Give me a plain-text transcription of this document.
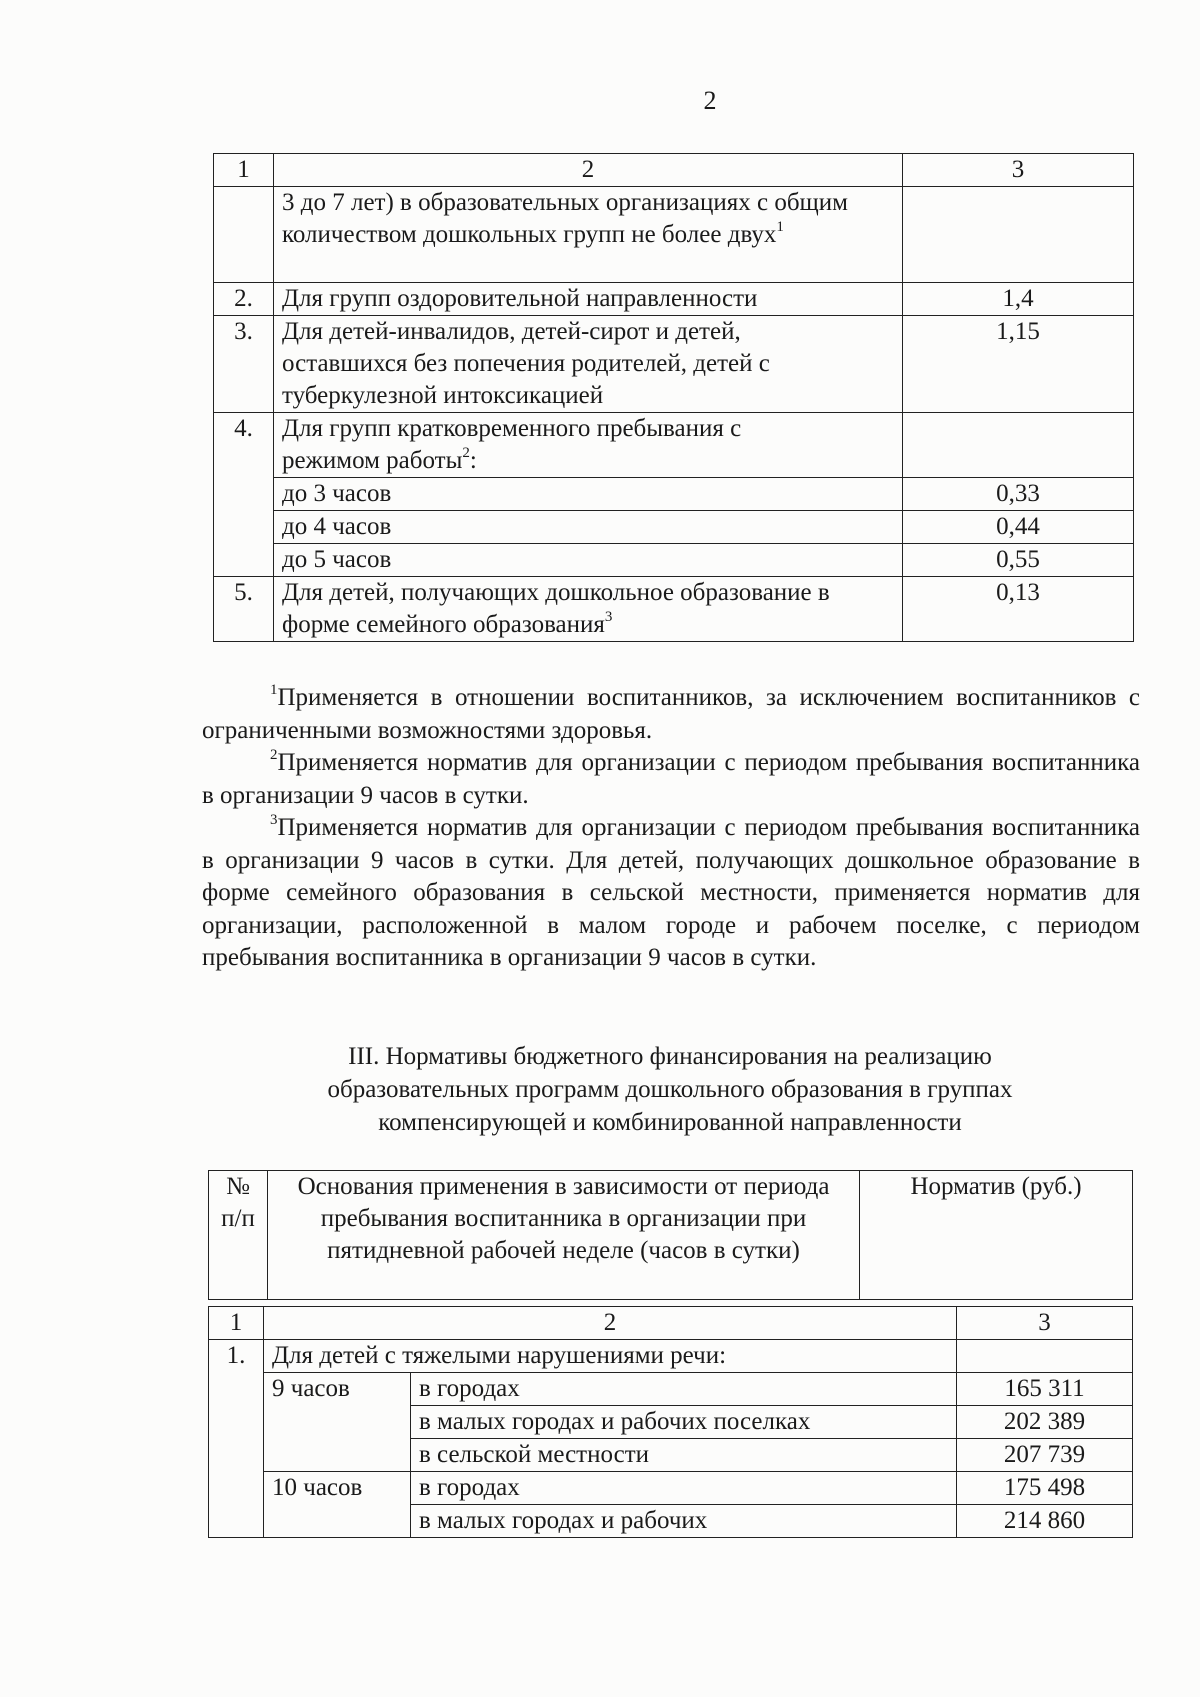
2
1	2	3
	3 до 7 лет) в образовательных организациях с общим количеством дошкольных групп не более двух$^1$	
2.	Для групп оздоровительной направленности	1,4
3.	Для детей-инвалидов, детей-сирот и детей, оставшихся без попечения родителей, детей с туберкулезной интоксикацией	1,15
4.	Для групп кратковременного пребывания с режимом работы$^2$:	
	до 3 часов	0,33
	до 4 часов	0,44
	до 5 часов	0,55
5.	Для детей, получающих дошкольное образование в форме семейного образования$^3$	0,13

$^1$Применяется в отношении воспитанников, за исключением воспитанников с ограниченными возможностями здоровья.

$^2$Применяется норматив для организации с периодом пребывания воспитанника в организации 9 часов в сутки.

$^3$Применяется норматив для организации с периодом пребывания воспитанника в организации 9 часов в сутки. Для детей, получающих дошкольное образование в форме семейного образования в сельской местности, применяется норматив для организации, расположенной в малом городе и рабочем поселке, с периодом пребывания воспитанника в организации 9 часов в сутки.

III. Нормативы бюджетного финансирования на реализацию
образовательных программ дошкольного образования в группах
компенсирующей и комбинированной направленности
№ п/п	Основания применения в зависимости от периода пребывания воспитанника в организации при пятидневной рабочей неделе (часов в сутки)	Норматив (руб.)
1	2		3
1.	Для детей с тяжелыми нарушениями речи:		
	9 часов	в городах	165 311
		в малых городах и рабочих поселках	202 389
		в сельской местности	207 739
	10 часов	в городах	175 498
		в малых городах и рабочих	214 860
